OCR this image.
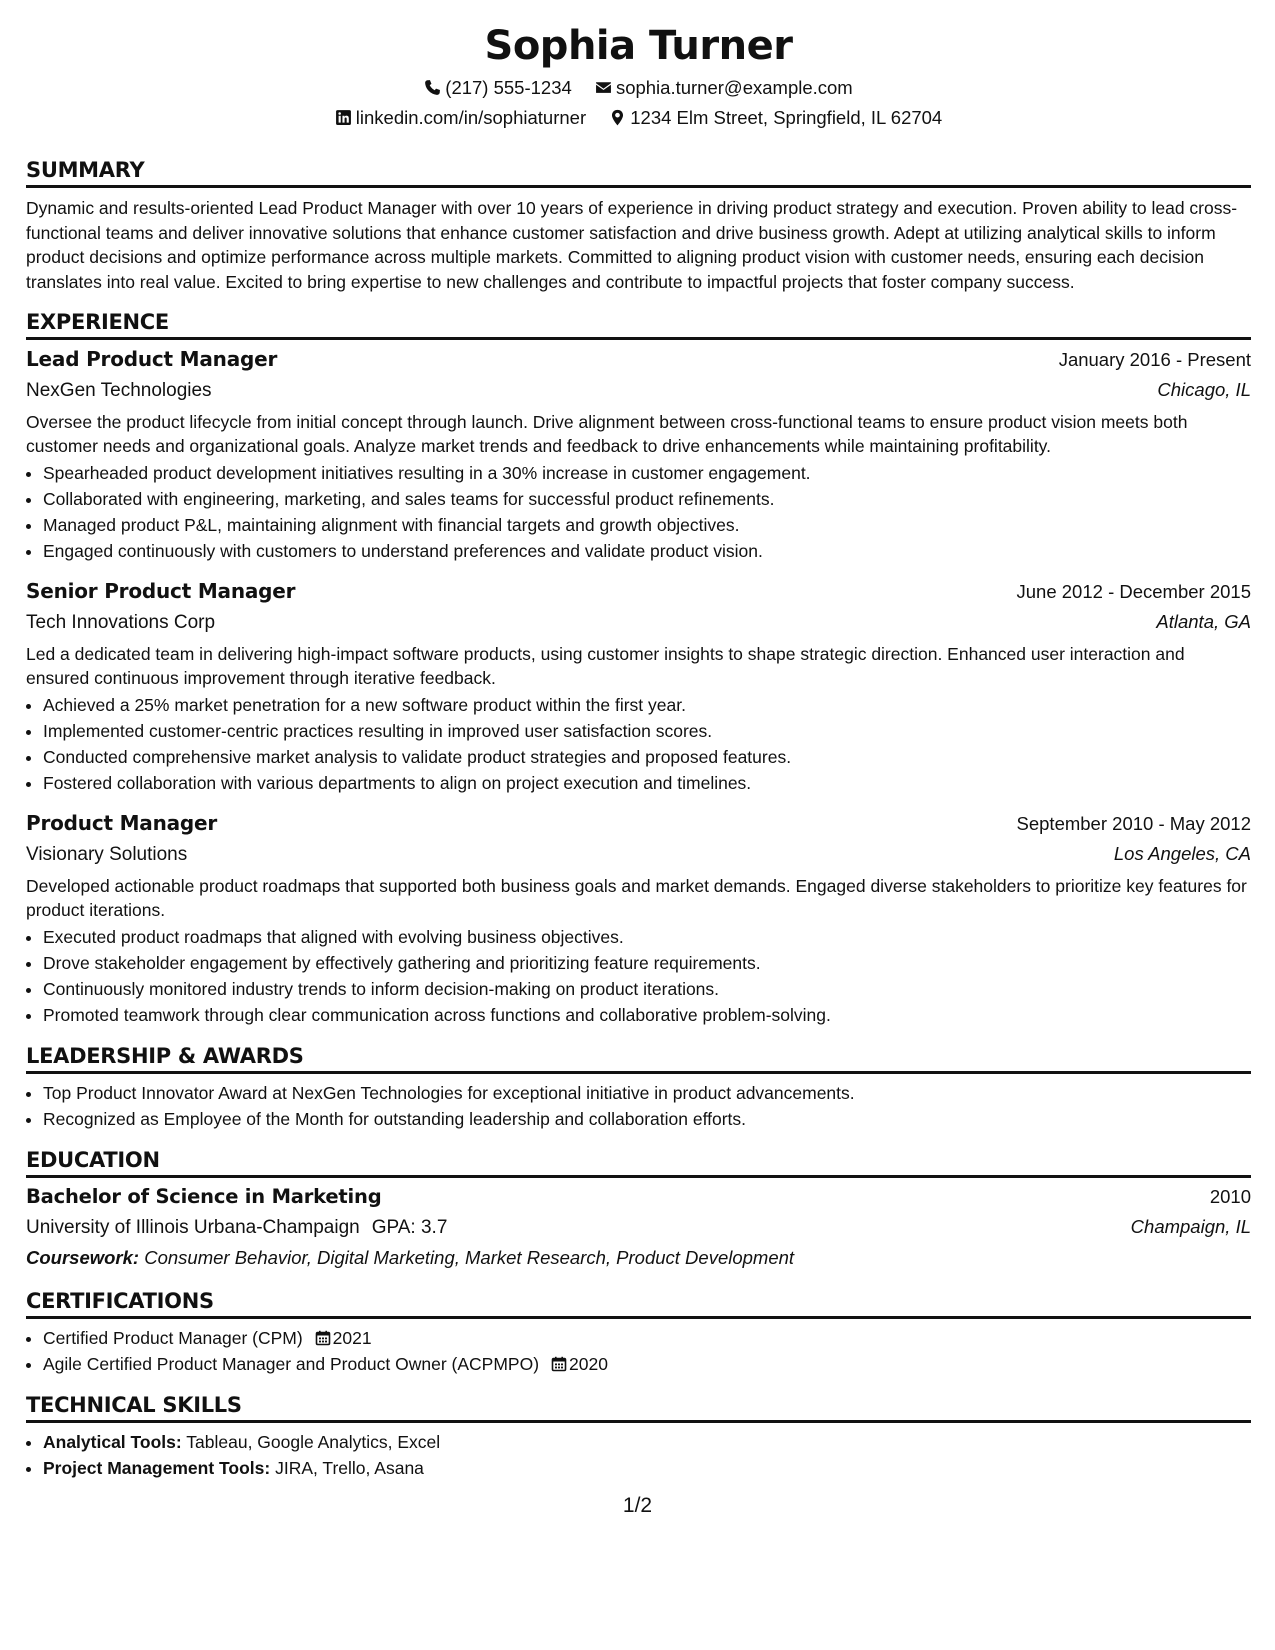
Sophia Turner
(217) 555-1234 sophia.turner@example.com
linkedin.com/in/sophiaturner 1234 Elm Street, Springfield, IL 62704
SUMMARY

Dynamic and results-oriented Lead Product Manager with over 10 years of experience in driving product strategy and execution. Proven ability to lead cross-functional teams and deliver innovative solutions that enhance customer satisfaction and drive business growth. Adept at utilizing analytical skills to inform product decisions and optimize performance across multiple markets. Committed to aligning product vision with customer needs, ensuring each decision translates into real value. Excited to bring expertise to new challenges and contribute to impactful projects that foster company success.

EXPERIENCE
Lead Product Manager	January 2016 - Present
NexGen Technologies	Chicago, IL

Oversee the product lifecycle from initial concept through launch. Drive alignment between cross-functional teams to ensure product vision meets both customer needs and organizational goals. Analyze market trends and feedback to drive enhancements while maintaining profitability.

• Spearheaded product development initiatives resulting in a 30% increase in customer engagement.
• Collaborated with engineering, marketing, and sales teams for successful product refinements.
• Managed product P&L, maintaining alignment with financial targets and growth objectives.
• Engaged continuously with customers to understand preferences and validate product vision.
Senior Product Manager	June 2012 - December 2015
Tech Innovations Corp	Atlanta, GA

Led a dedicated team in delivering high-impact software products, using customer insights to shape strategic direction. Enhanced user interaction and ensured continuous improvement through iterative feedback.

• Achieved a 25% market penetration for a new software product within the first year.
• Implemented customer-centric practices resulting in improved user satisfaction scores.
• Conducted comprehensive market analysis to validate product strategies and proposed features.
• Fostered collaboration with various departments to align on project execution and timelines.
Product Manager	September 2010 - May 2012
Visionary Solutions	Los Angeles, CA

Developed actionable product roadmaps that supported both business goals and market demands. Engaged diverse stakeholders to prioritize key features for product iterations.

• Executed product roadmaps that aligned with evolving business objectives.
• Drove stakeholder engagement by effectively gathering and prioritizing feature requirements.
• Continuously monitored industry trends to inform decision-making on product iterations.
• Promoted teamwork through clear communication across functions and collaborative problem-solving.
LEADERSHIP & AWARDS
• Top Product Innovator Award at NexGen Technologies for exceptional initiative in product advancements.
• Recognized as Employee of the Month for outstanding leadership and collaboration efforts.
EDUCATION
Bachelor of Science in Marketing	2010
University of Illinois Urbana-Champaign GPA: 3.7	Champaign, IL
Coursework: Consumer Behavior, Digital Marketing, Market Research, Product Development
CERTIFICATIONS
• Certified Product Manager (CPM) 2021
• Agile Certified Product Manager and Product Owner (ACPMPO) 2020
TECHNICAL SKILLS
• Analytical Tools: Tableau, Google Analytics, Excel
• Project Management Tools: JIRA, Trello, Asana
1/2
